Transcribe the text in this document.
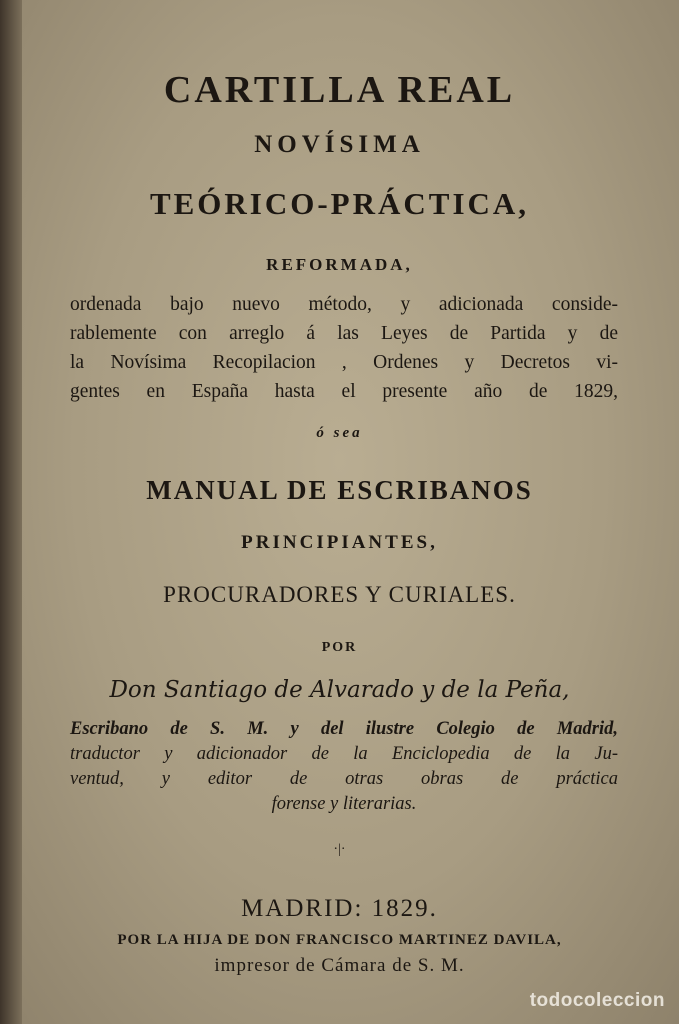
CARTILLA REAL
NOVÍSIMA
TEÓRICO-PRÁCTICA,
REFORMADA,
ordenada bajo nuevo método, y adicionada conside-
rablemente con arreglo á las Leyes de Partida y de
la Novísima Recopilacion , Ordenes y Decretos vi-
gentes en España hasta el presente año de 1829,
ó sea
MANUAL DE ESCRIBANOS
PRINCIPIANTES,
PROCURADORES Y CURIALES.
POR
Don Santiago de Alvarado y de la Peña,
Escribano de S. M. y del ilustre Colegio de Madrid,
traductor y adicionador de la Enciclopedia de la Ju-
ventud, y editor de otras obras de práctica
forense y literarias.
·|·
MADRID: 1829.
POR LA HIJA DE DON FRANCISCO MARTINEZ DAVILA,
impresor de Cámara de S. M.
todocoleccion
